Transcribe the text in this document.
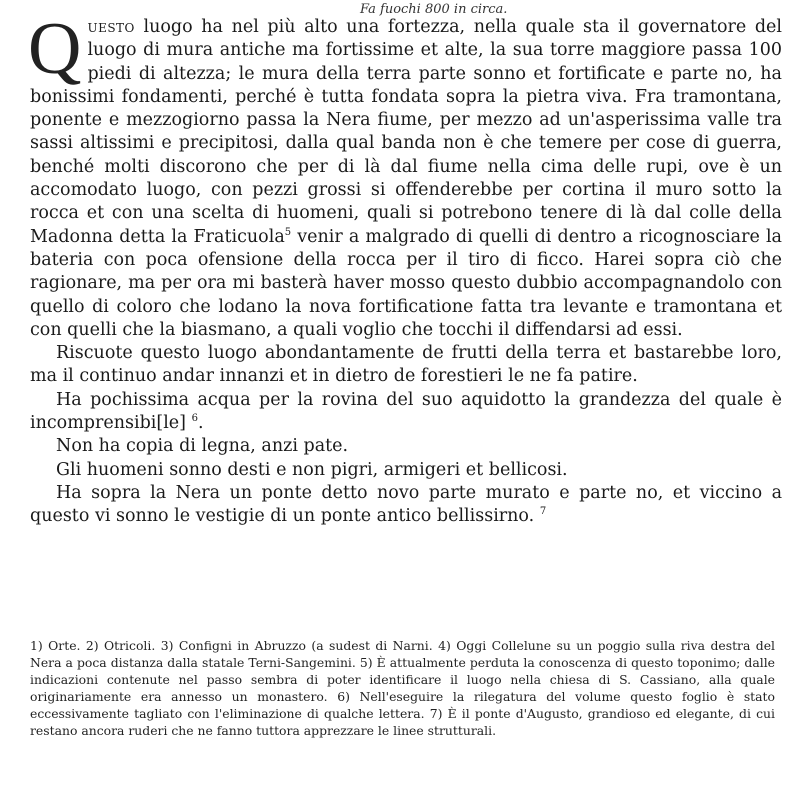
Fa fuochi 800 in circa.

Questo luogo ha nel più alto una fortezza, nella quale sta il governatore del luogo di mura antiche ma fortissime et alte, la sua torre maggiore passa 100 piedi di altezza; le mura della terra parte sonno et fortificate e parte no, ha bonissimi fondamenti, perché è tutta fondata sopra la pietra viva. Fra tramontana, ponente e mezzogiorno passa la Nera fiume, per mezzo ad un'asperissima valle tra sassi altissimi e precipitosi, dalla qual banda non è che temere per cose di guerra, benché molti discorono che per di là dal fiume nella cima delle rupi, ove è un accomodato luogo, con pezzi grossi si offenderebbe per cortina il muro sotto la rocca et con una scelta di huomeni, quali si potrebono tenere di là dal colle della Madonna detta la Fraticuola$^5$ venir a malgrado di quelli di dentro a ricognosciare la bateria con poca ofensione della rocca per il tiro di ficco. Harei sopra ciò che ragionare, ma per ora mi basterà haver mosso questo dubbio accompagnandolo con quello di coloro che lodano la nova fortificatione fatta tra levante e tramontana et con quelli che la biasmano, a quali voglio che tocchi il diffendarsi ad essi.

Riscuote questo luogo abondantamente de frutti della terra et bastarebbe loro, ma il continuo andar innanzi et in dietro de forestieri le ne fa patire.

Ha pochissima acqua per la rovina del suo aquidotto la grandezza del quale è incomprensibi[le] $^6$.

Non ha copia di legna, anzi pate.

Gli huomeni sonno desti e non pigri, armigeri et bellicosi.

Ha sopra la Nera un ponte detto novo parte murato e parte no, et viccino a questo vi sonno le vestigie di un ponte antico bellissirno. $^7$

1) Orte. 2) Otricoli. 3) Configni in Abruzzo (a sudest di Narni. 4) Oggi Collelune su un poggio sulla riva destra del Nera a poca distanza dalla statale Terni-Sangemini. 5) È attualmente perduta la conoscenza di questo toponimo; dalle indicazioni contenute nel passo sembra di poter identificare il luogo nella chiesa di S. Cassiano, alla quale originariamente era annesso un monastero. 6) Nell'eseguire la rilegatura del volume questo foglio è stato eccessivamente tagliato con l'eliminazione di qualche lettera. 7) È il ponte d'Augusto, grandioso ed elegante, di cui restano ancora ruderi che ne fanno tuttora apprezzare le linee strutturali.
